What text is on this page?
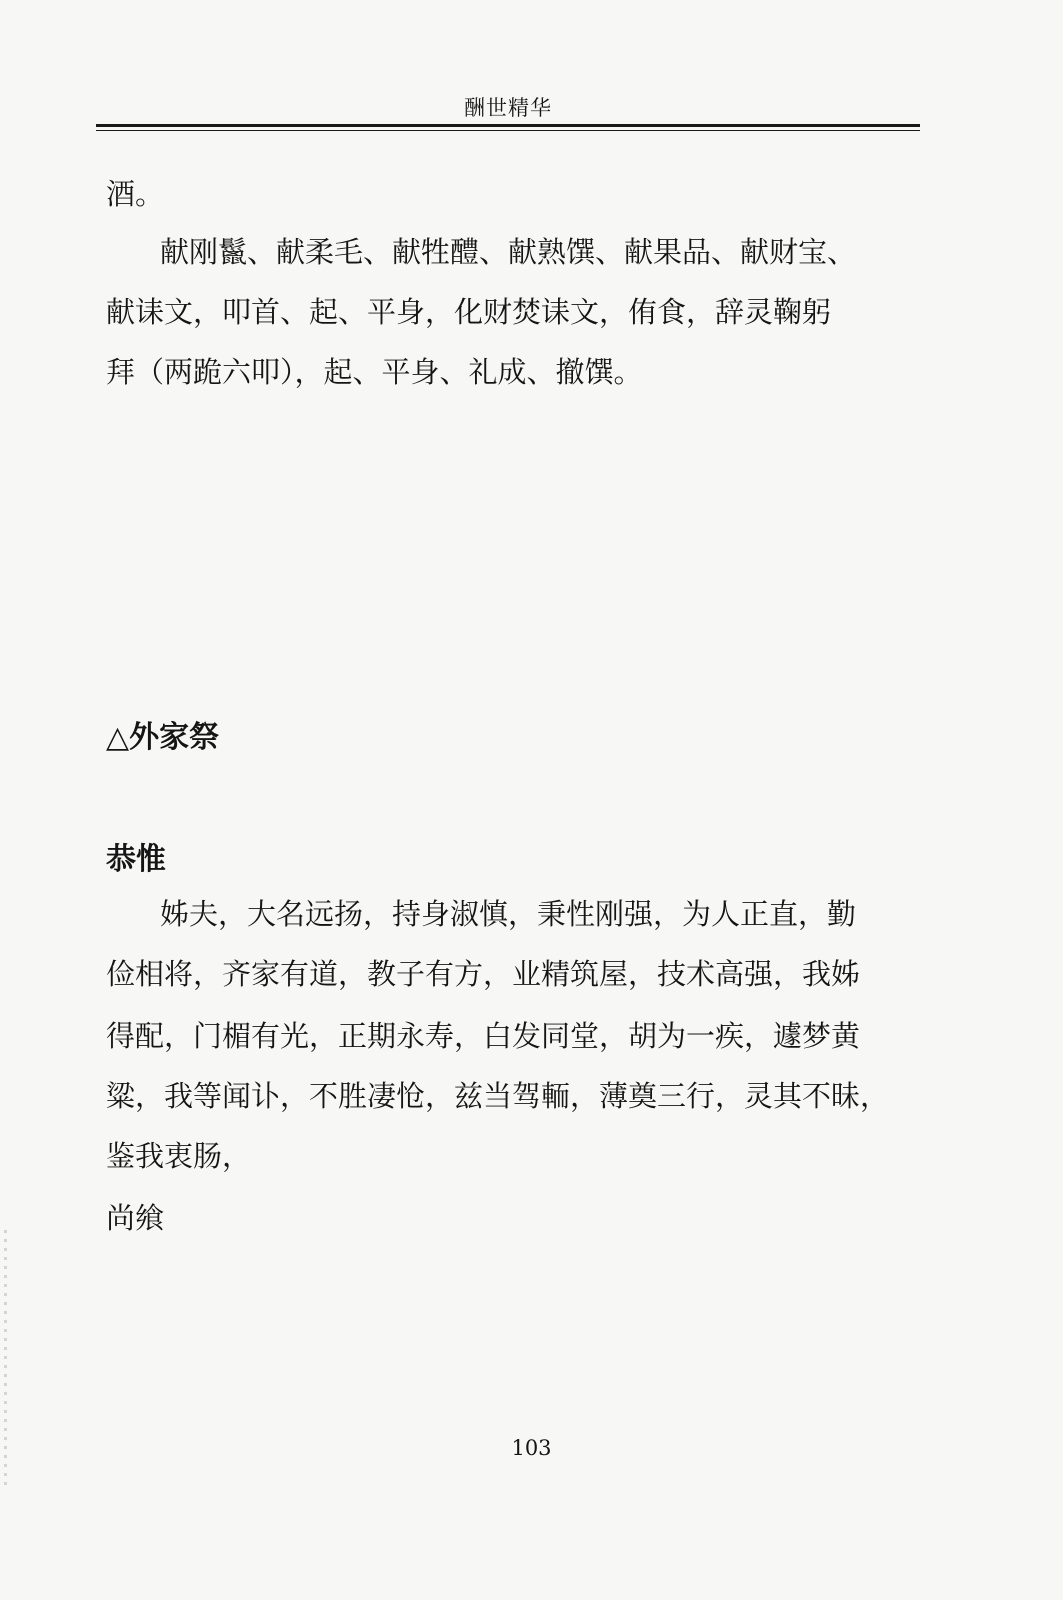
酬世精华
酒。
献刚鬣、献柔毛、献牲醴、献熟馔、献果品、献财宝、
献诔文，叩首、起、平身，化财焚诔文，侑食，辞灵鞠躬
拜（两跪六叩），起、平身、礼成、撤馔。
△外家祭
恭惟
姊夫，大名远扬，持身淑慎，秉性刚强，为人正直，勤
俭相将，齐家有道，教子有方，业精筑屋，技术高强，我姊
得配，门楣有光，正期永寿，白发同堂，胡为一疾，遽梦黄
粱，我等闻讣，不胜凄怆，兹当驾輀，薄奠三行，灵其不昧，
鉴我衷肠，
尚飨
103
